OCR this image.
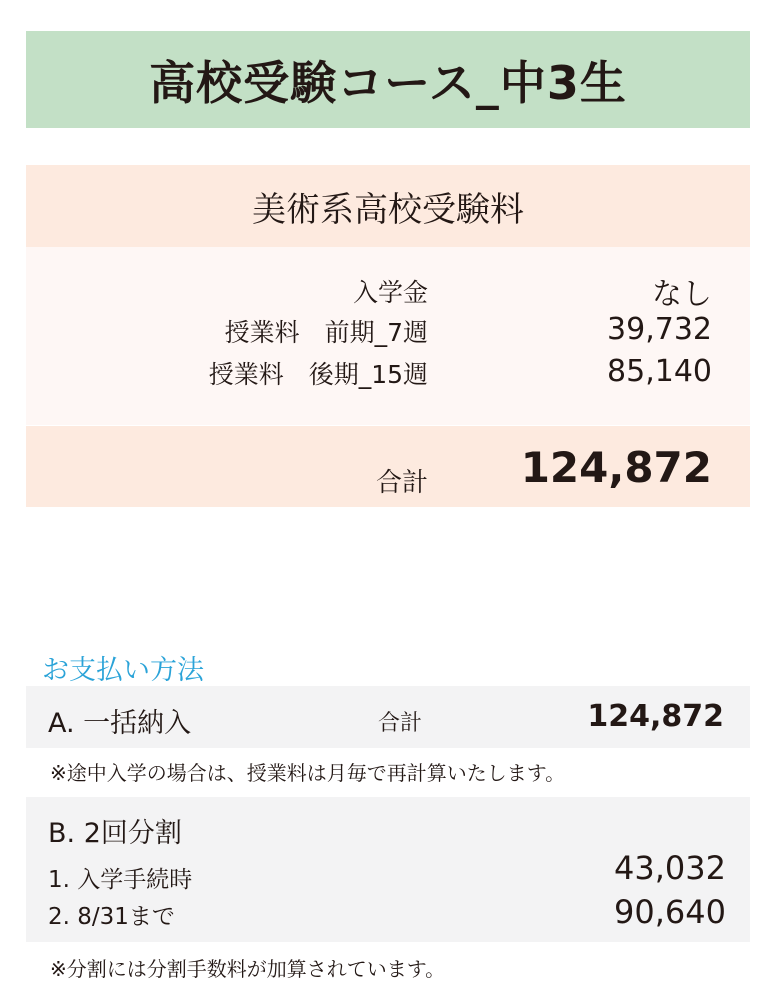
高校受験コース_中3生
美術系高校受験料
入学金	なし
授業料　前期_7週	39,732
授業料　後期_15週	85,140
合計 124,872
お支払い方法
A. 一括納入	合計	124,872
※途中入学の場合は、授業料は月毎で再計算いたします。
B. 2回分割
1. 入学手続時	43,032
2. 8/31まで	90,640
※分割には分割手数料が加算されています。
